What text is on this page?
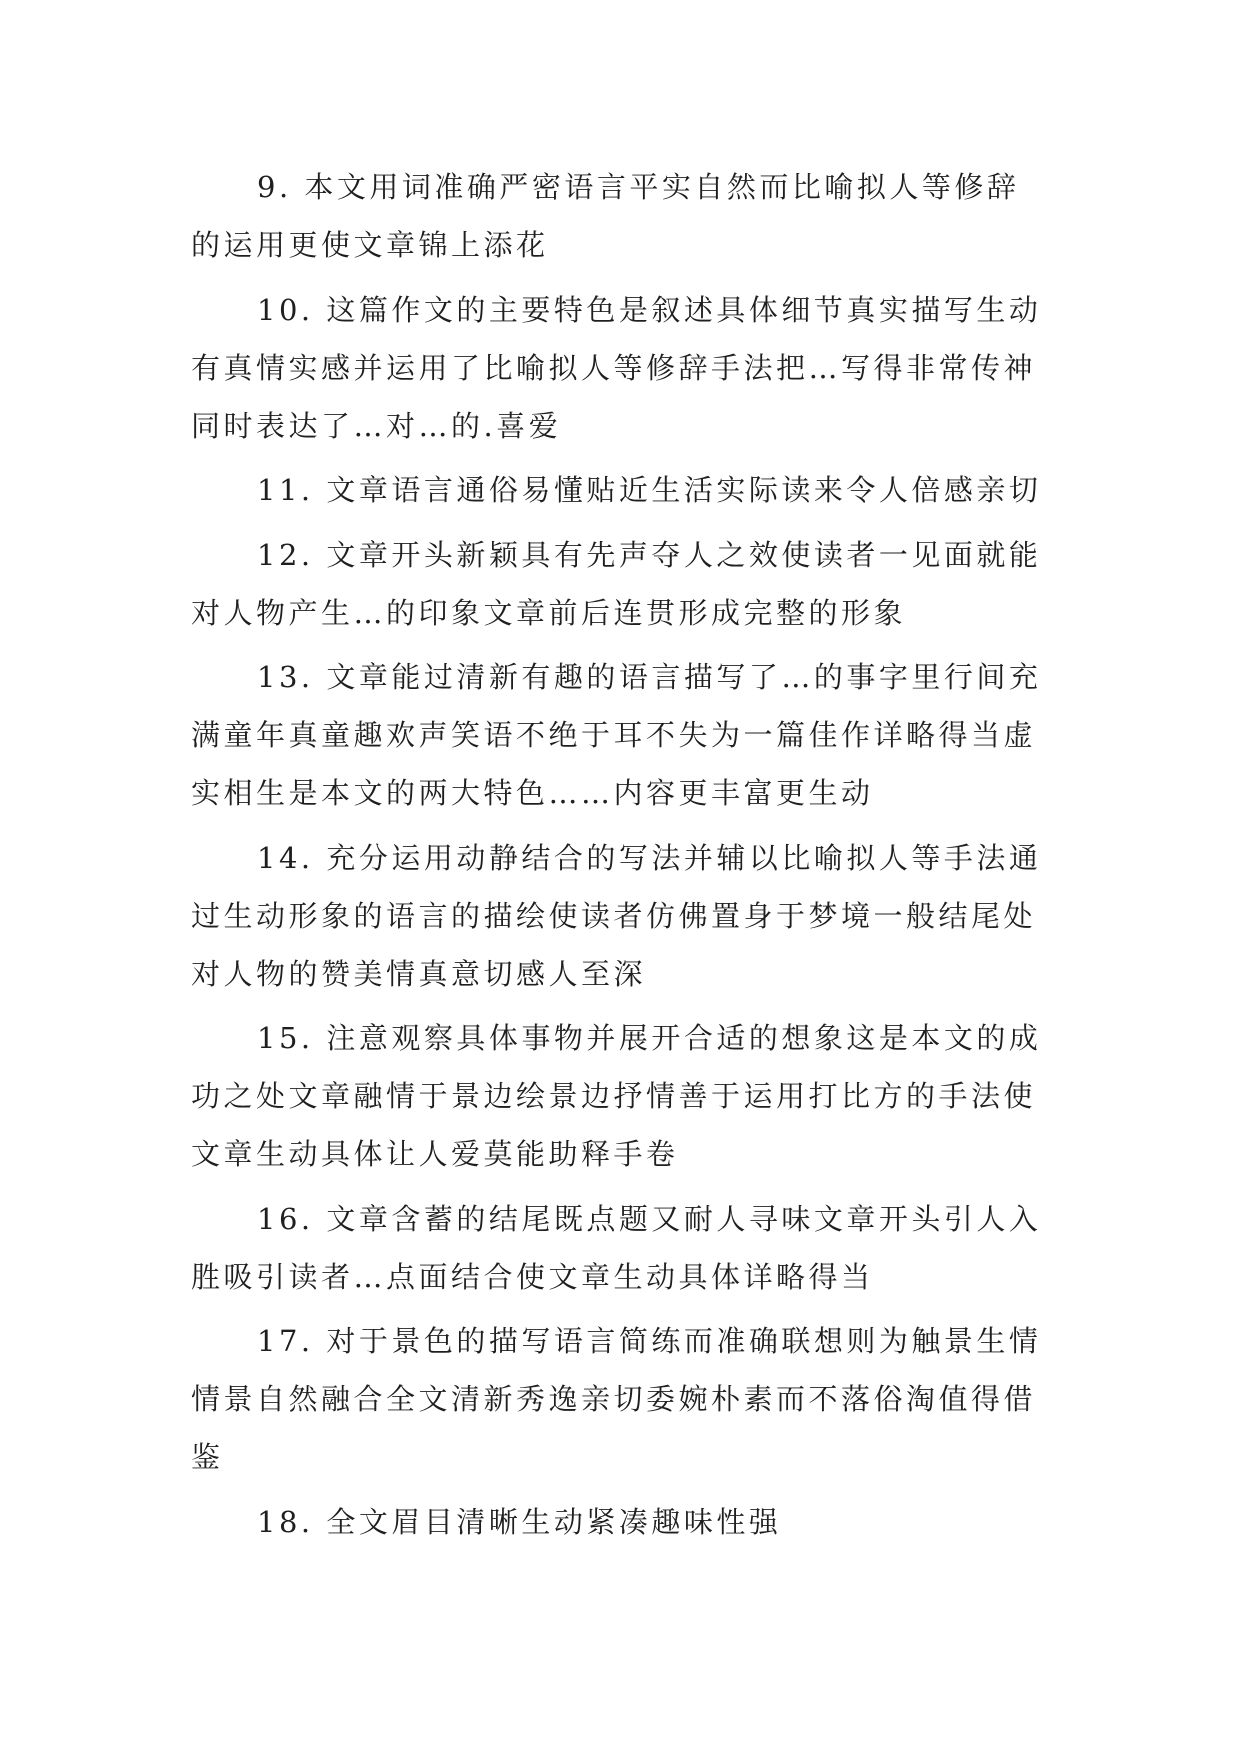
9. 本文用词准确严密语言平实自然而比喻拟人等修辞的运用更使文章锦上添花

10. 这篇作文的主要特色是叙述具体细节真实描写生动有真情实感并运用了比喻拟人等修辞手法把…写得非常传神同时表达了…对…的.喜爱

11. 文章语言通俗易懂贴近生活实际读来令人倍感亲切

12. 文章开头新颖具有先声夺人之效使读者一见面就能对人物产生…的印象文章前后连贯形成完整的形象

13. 文章能过清新有趣的语言描写了…的事字里行间充满童年真童趣欢声笑语不绝于耳不失为一篇佳作详略得当虚实相生是本文的两大特色……内容更丰富更生动

14. 充分运用动静结合的写法并辅以比喻拟人等手法通过生动形象的语言的描绘使读者仿佛置身于梦境一般结尾处对人物的赞美情真意切感人至深

15. 注意观察具体事物并展开合适的想象这是本文的成功之处文章融情于景边绘景边抒情善于运用打比方的手法使文章生动具体让人爱莫能助释手卷

16. 文章含蓄的结尾既点题又耐人寻味文章开头引人入胜吸引读者…点面结合使文章生动具体详略得当

17. 对于景色的描写语言简练而准确联想则为触景生情情景自然融合全文清新秀逸亲切委婉朴素而不落俗淘值得借鉴

18. 全文眉目清晰生动紧凑趣味性强
